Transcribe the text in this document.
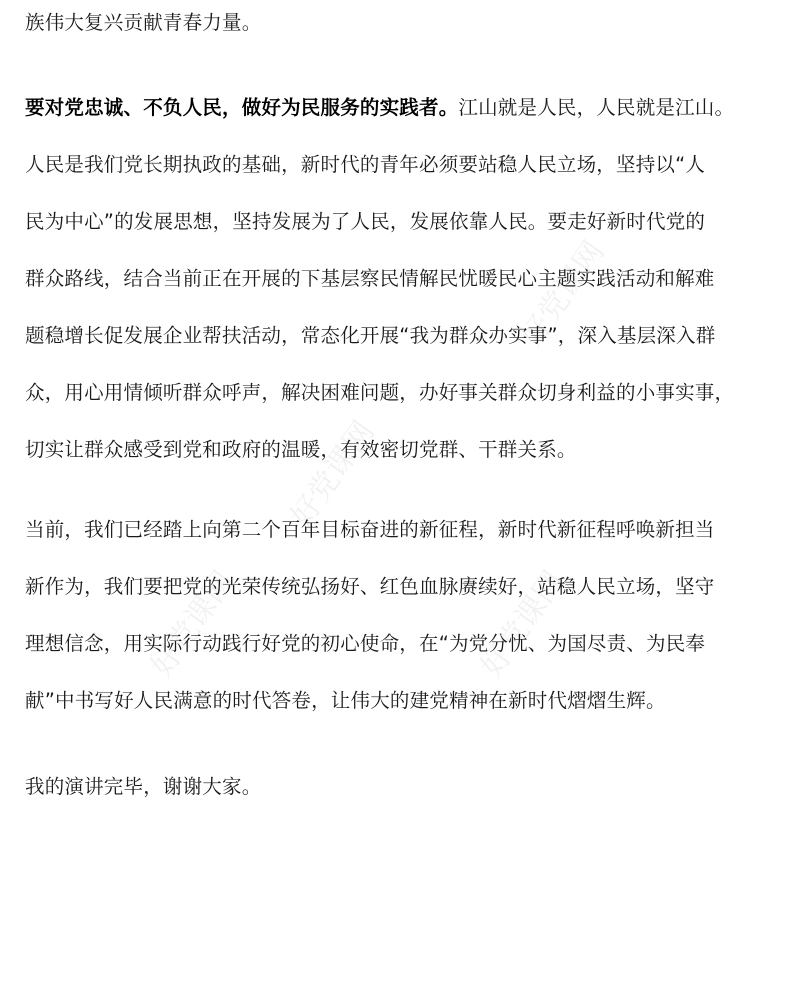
好党课网
好党课网
好党课网
好党课网
族伟大复兴贡献青春力量。
要对党忠诚、不负人民，做好为民服务的实践者。江山就是人民，人民就是江山。
人民是我们党长期执政的基础，新时代的青年必须要站稳人民立场，坚持以“人
民为中心”的发展思想，坚持发展为了人民，发展依靠人民。要走好新时代党的
群众路线，结合当前正在开展的下基层察民情解民忧暖民心主题实践活动和解难
题稳增长促发展企业帮扶活动，常态化开展“我为群众办实事”，深入基层深入群
众，用心用情倾听群众呼声，解决困难问题，办好事关群众切身利益的小事实事，
切实让群众感受到党和政府的温暖，有效密切党群、干群关系。
当前，我们已经踏上向第二个百年目标奋进的新征程，新时代新征程呼唤新担当
新作为，我们要把党的光荣传统弘扬好、红色血脉赓续好，站稳人民立场，坚守
理想信念，用实际行动践行好党的初心使命，在“为党分忧、为国尽责、为民奉
献”中书写好人民满意的时代答卷，让伟大的建党精神在新时代熠熠生辉。
我的演讲完毕，谢谢大家。
